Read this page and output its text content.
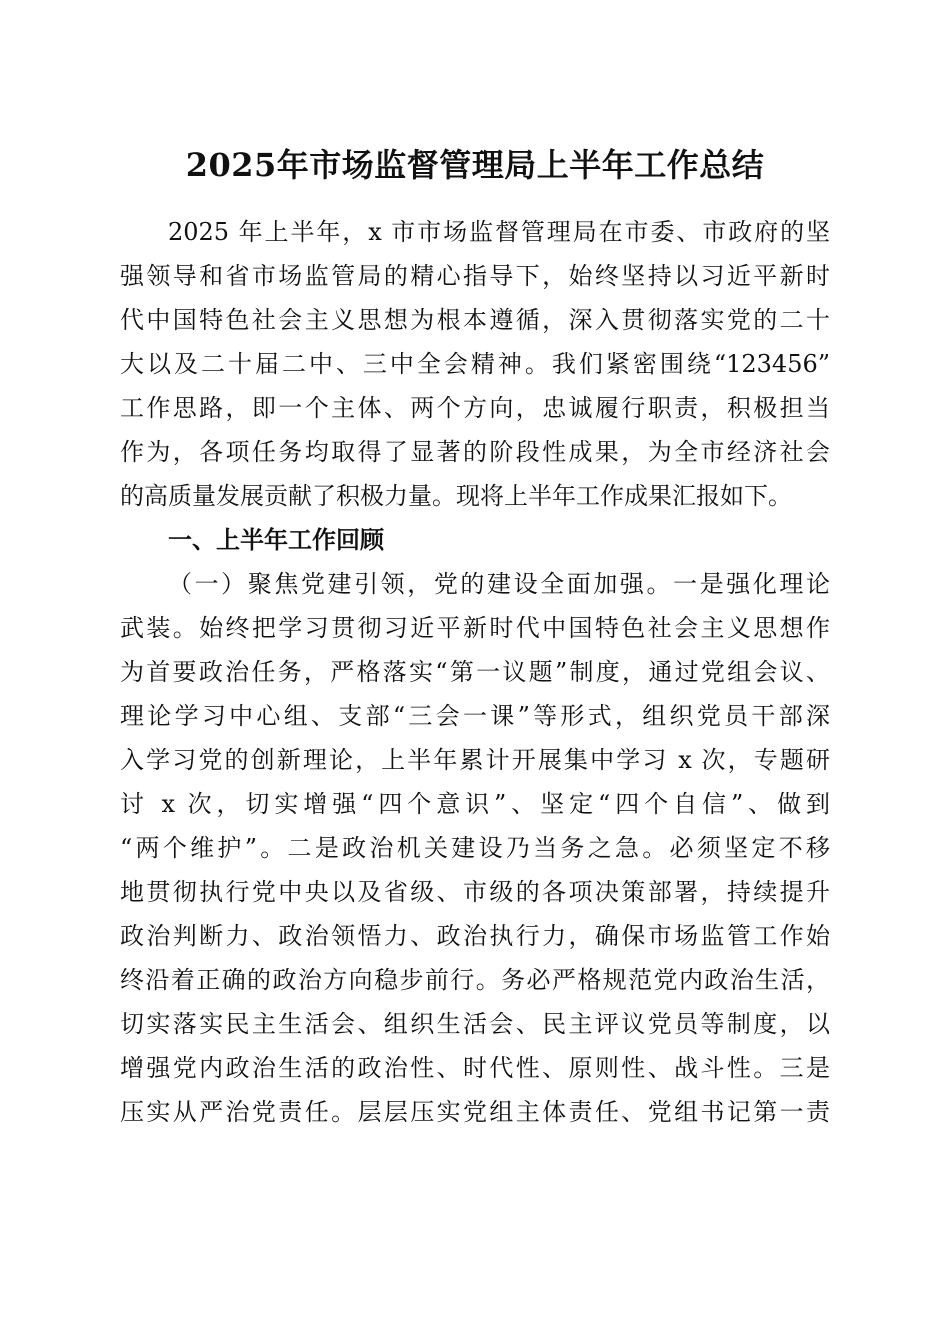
2025年市场监督管理局上半年工作总结
2025 年上半年，x 市市场监督管理局在市委、市政府的坚
强领导和省市场监管局的精心指导下，始终坚持以习近平新时
代中国特色社会主义思想为根本遵循，深入贯彻落实党的二十
大以及二十届二中、三中全会精神。我们紧密围绕“123456”
工作思路，即一个主体、两个方向，忠诚履行职责，积极担当
作为，各项任务均取得了显著的阶段性成果，为全市经济社会
的高质量发展贡献了积极力量。现将上半年工作成果汇报如下。
一、上半年工作回顾
（一）聚焦党建引领，党的建设全面加强。一是强化理论
武装。始终把学习贯彻习近平新时代中国特色社会主义思想作
为首要政治任务，严格落实“第一议题”制度，通过党组会议、
理论学习中心组、支部“三会一课”等形式，组织党员干部深
入学习党的创新理论，上半年累计开展集中学习 x 次，专题研
讨 x 次，切实增强“四个意识”、坚定“四个自信”、做到
“两个维护”。二是政治机关建设乃当务之急。必须坚定不移
地贯彻执行党中央以及省级、市级的各项决策部署，持续提升
政治判断力、政治领悟力、政治执行力，确保市场监管工作始
终沿着正确的政治方向稳步前行。务必严格规范党内政治生活，
切实落实民主生活会、组织生活会、民主评议党员等制度，以
增强党内政治生活的政治性、时代性、原则性、战斗性。三是
压实从严治党责任。层层压实党组主体责任、党组书记第一责
